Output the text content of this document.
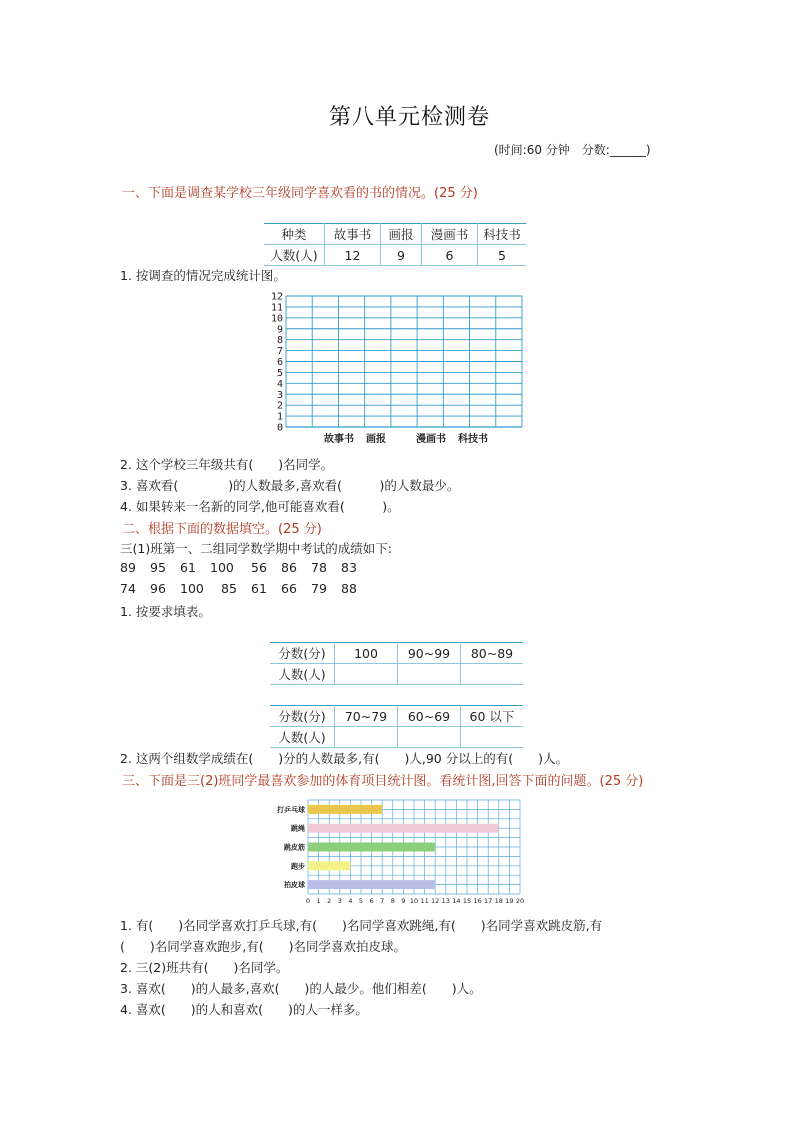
第八单元检测卷
(时间:60 分钟　分数:______)
一、下面是调查某学校三年级同学喜欢看的书的情况。(25 分)
种类	故事书	画报	漫画书	科技书
人数(人)	12	9	6	5
1. 按调查的情况完成统计图。
0
1
2
3
4
5
6
7
8
9
10
11
12
故事书 画报	漫画书 科技书
2. 这个学校三年级共有(　　)名同学。
3. 喜欢看(　　　　)的人数最多,喜欢看(　　　)的人数最少。
4. 如果转来一名新的同学,他可能喜欢看(　　　)。
二、根据下面的数据填空。(25 分)
三(1)班第一、二组同学数学期中考试的成绩如下:
89 95 61 100 56 86 78 83
74 96 100 85 61 66 79 88
1. 按要求填表。
分数(分)	100	90~99	80~89
人数(人)			
分数(分)	70~79	60~69	60 以下
人数(人)			
2. 这两个组数学成绩在(　　)分的人数最多,有(　　)人,90 分以上的有(　　)人。
三、下面是三(2)班同学最喜欢参加的体育项目统计图。看统计图,回答下面的问题。(25 分)
打乒乓球
跳绳
跳皮筋
跑步
拍皮球
0 1 2 3 4 5 6 7 8 9 10 11 12 13 14 15 16 17 18 19 20
1. 有(　　)名同学喜欢打乒乓球,有(　　)名同学喜欢跳绳,有(　　)名同学喜欢跳皮筋,有
(　　)名同学喜欢跑步,有(　　)名同学喜欢拍皮球。
2. 三(2)班共有(　　)名同学。
3. 喜欢(　　)的人最多,喜欢(　　)的人最少。他们相差(　　)人。
4. 喜欢(　　)的人和喜欢(　　)的人一样多。
